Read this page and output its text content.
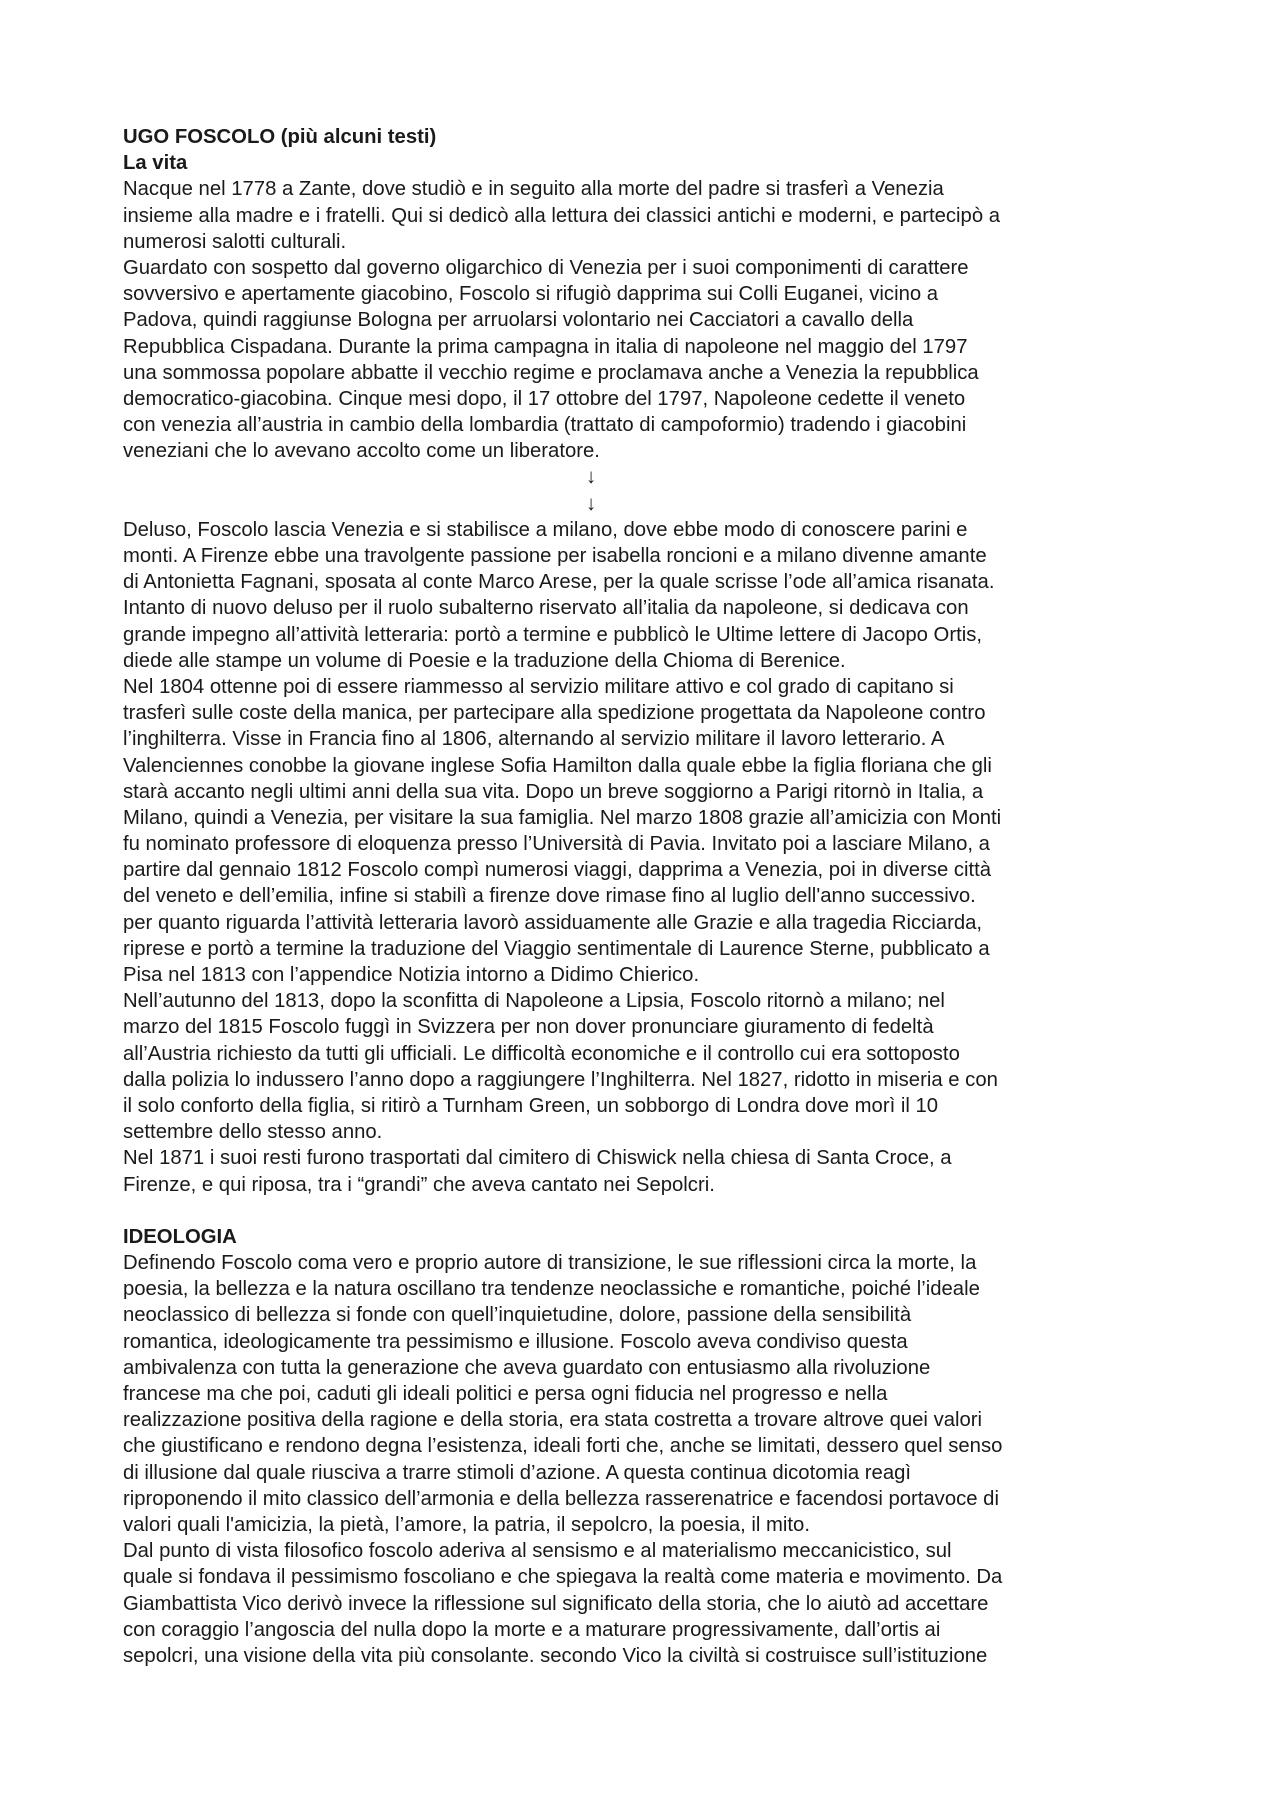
UGO FOSCOLO (più alcuni testi)

La vita

Nacque nel 1778 a Zante, dove studiò e in seguito alla morte del padre si trasferì a Venezia

insieme alla madre e i fratelli. Qui si dedicò alla lettura dei classici antichi e moderni, e partecipò a

numerosi salotti culturali.

Guardato con sospetto dal governo oligarchico di Venezia per i suoi componimenti di carattere

sovversivo e apertamente giacobino, Foscolo si rifugiò dapprima sui Colli Euganei, vicino a

Padova, quindi raggiunse Bologna per arruolarsi volontario nei Cacciatori a cavallo della

Repubblica Cispadana. Durante la prima campagna in italia di napoleone nel maggio del 1797

una sommossa popolare abbatte il vecchio regime e proclamava anche a Venezia la repubblica

democratico-giacobina. Cinque mesi dopo, il 17 ottobre del 1797, Napoleone cedette il veneto

con venezia all’austria in cambio della lombardia (trattato di campoformio) tradendo i giacobini

veneziani che lo avevano accolto come un liberatore.

↓

↓

Deluso, Foscolo lascia Venezia e si stabilisce a milano, dove ebbe modo di conoscere parini e

monti. A Firenze ebbe una travolgente passione per isabella roncioni e a milano divenne amante

di Antonietta Fagnani, sposata al conte Marco Arese, per la quale scrisse l’ode all’amica risanata.

Intanto di nuovo deluso per il ruolo subalterno riservato all’italia da napoleone, si dedicava con

grande impegno all’attività letteraria: portò a termine e pubblicò le Ultime lettere di Jacopo Ortis,

diede alle stampe un volume di Poesie e la traduzione della Chioma di Berenice.

Nel 1804 ottenne poi di essere riammesso al servizio militare attivo e col grado di capitano si

trasferì sulle coste della manica, per partecipare alla spedizione progettata da Napoleone contro

l’inghilterra. Visse in Francia fino al 1806, alternando al servizio militare il lavoro letterario. A

Valenciennes conobbe la giovane inglese Sofia Hamilton dalla quale ebbe la figlia floriana che gli

starà accanto negli ultimi anni della sua vita. Dopo un breve soggiorno a Parigi ritornò in Italia, a

Milano, quindi a Venezia, per visitare la sua famiglia. Nel marzo 1808 grazie all’amicizia con Monti

fu nominato professore di eloquenza presso l’Università di Pavia. Invitato poi a lasciare Milano, a

partire dal gennaio 1812 Foscolo compì numerosi viaggi, dapprima a Venezia, poi in diverse città

del veneto e dell’emilia, infine si stabilì a firenze dove rimase fino al luglio dell'anno successivo.

per quanto riguarda l’attività letteraria lavorò assiduamente alle Grazie e alla tragedia Ricciarda,

riprese e portò a termine la traduzione del Viaggio sentimentale di Laurence Sterne, pubblicato a

Pisa nel 1813 con l’appendice Notizia intorno a Didimo Chierico.

Nell’autunno del 1813, dopo la sconfitta di Napoleone a Lipsia, Foscolo ritornò a milano; nel

marzo del 1815 Foscolo fuggì in Svizzera per non dover pronunciare giuramento di fedeltà

all’Austria richiesto da tutti gli ufficiali. Le difficoltà economiche e il controllo cui era sottoposto

dalla polizia lo indussero l’anno dopo a raggiungere l’Inghilterra. Nel 1827, ridotto in miseria e con

il solo conforto della figlia, si ritirò a Turnham Green, un sobborgo di Londra dove morì il 10

settembre dello stesso anno.

Nel 1871 i suoi resti furono trasportati dal cimitero di Chiswick nella chiesa di Santa Croce, a

Firenze, e qui riposa, tra i “grandi” che aveva cantato nei Sepolcri.

IDEOLOGIA

Definendo Foscolo coma vero e proprio autore di transizione, le sue riflessioni circa la morte, la

poesia, la bellezza e la natura oscillano tra tendenze neoclassiche e romantiche, poiché l’ideale

neoclassico di bellezza si fonde con quell’inquietudine, dolore, passione della sensibilità

romantica, ideologicamente tra pessimismo e illusione. Foscolo aveva condiviso questa

ambivalenza con tutta la generazione che aveva guardato con entusiasmo alla rivoluzione

francese ma che poi, caduti gli ideali politici e persa ogni fiducia nel progresso e nella

realizzazione positiva della ragione e della storia, era stata costretta a trovare altrove quei valori

che giustificano e rendono degna l’esistenza, ideali forti che, anche se limitati, dessero quel senso

di illusione dal quale riusciva a trarre stimoli d’azione. A questa continua dicotomia reagì

riproponendo il mito classico dell’armonia e della bellezza rasserenatrice e facendosi portavoce di

valori quali l'amicizia, la pietà, l’amore, la patria, il sepolcro, la poesia, il mito.

Dal punto di vista filosofico foscolo aderiva al sensismo e al materialismo meccanicistico, sul

quale si fondava il pessimismo foscoliano e che spiegava la realtà come materia e movimento. Da

Giambattista Vico derivò invece la riflessione sul significato della storia, che lo aiutò ad accettare

con coraggio l’angoscia del nulla dopo la morte e a maturare progressivamente, dall’ortis ai

sepolcri, una visione della vita più consolante. secondo Vico la civiltà si costruisce sull’istituzione
